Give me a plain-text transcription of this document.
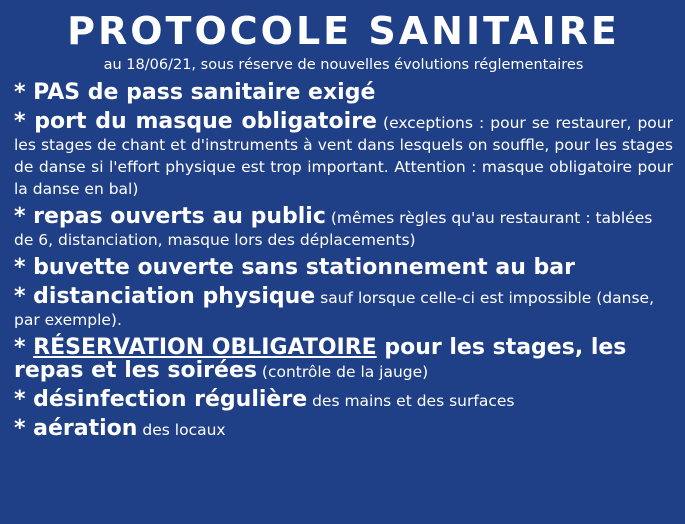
PROTOCOLE SANITAIRE

au 18/06/21, sous réserve de nouvelles évolutions réglementaires

* PAS de pass sanitaire exigé
* port du masque obligatoire (exceptions : pour se restaurer, pour les stages de chant et d'instruments à vent dans lesquels on souffle, pour les stages de danse si l'effort physique est trop important. Attention : masque obligatoire pour la danse en bal)
* repas ouverts au public (mêmes règles qu'au restaurant : tablées de 6, distanciation, masque lors des déplacements)
* buvette ouverte sans stationnement au bar
* distanciation physique sauf lorsque celle-ci est impossible (danse, par exemple).
* RÉSERVATION OBLIGATOIRE pour les stages, les repas et les soirées (contrôle de la jauge)
* désinfection régulière des mains et des surfaces
* aération des locaux
